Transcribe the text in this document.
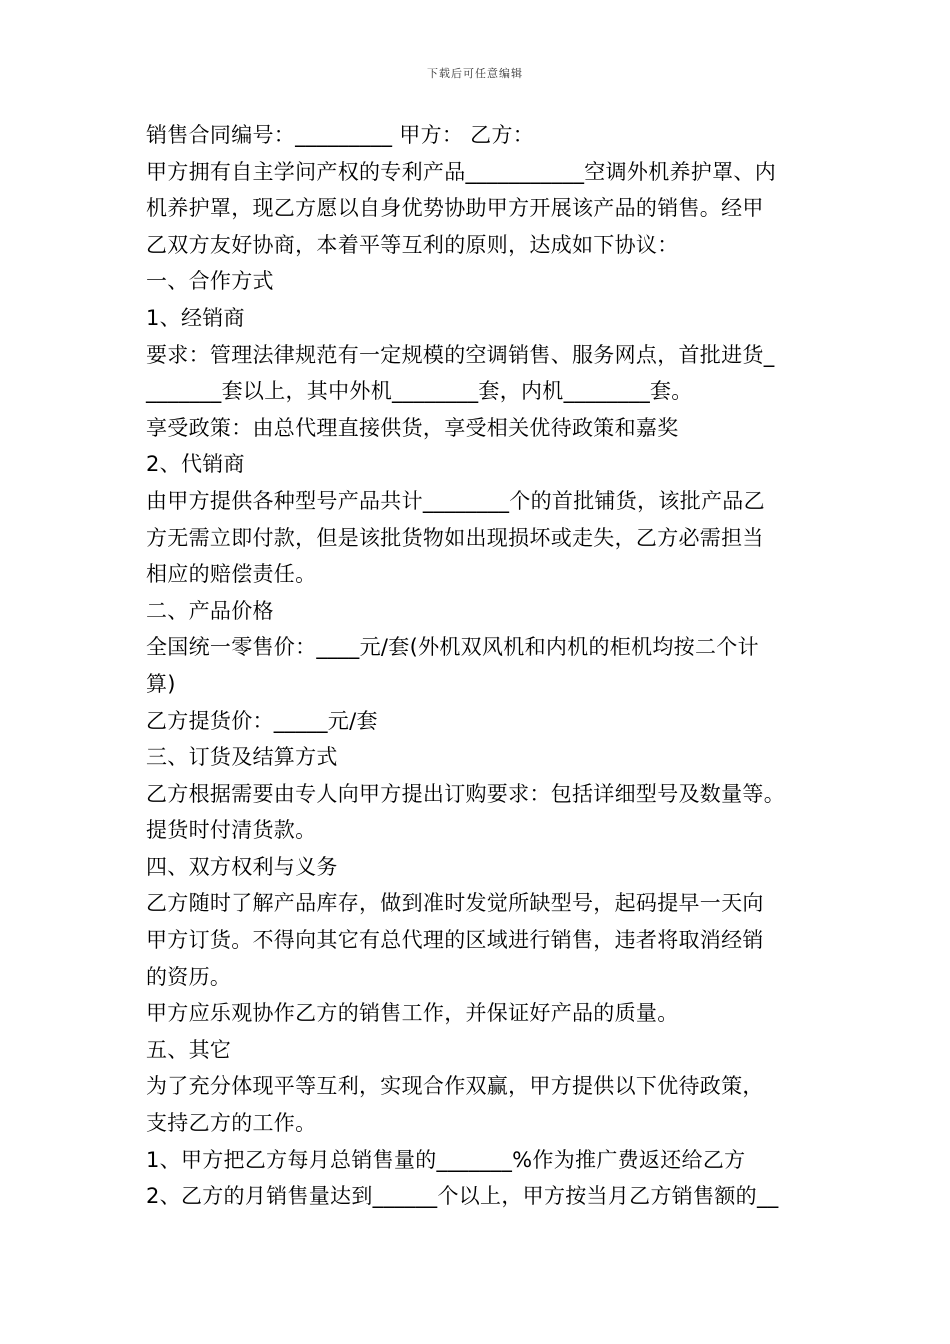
下载后可任意编辑
销售合同编号：_________ 甲方： 乙方：
甲方拥有自主学问产权的专利产品___________空调外机养护罩、内
机养护罩，现乙方愿以自身优势协助甲方开展该产品的销售。经甲
乙双方友好协商，本着平等互利的原则，达成如下协议：
一、合作方式
1、经销商
要求：管理法律规范有一定规模的空调销售、服务网点，首批进货_
_______套以上，其中外机________套，内机________套。
享受政策：由总代理直接供货，享受相关优待政策和嘉奖
2、代销商
由甲方提供各种型号产品共计________个的首批铺货，该批产品乙
方无需立即付款，但是该批货物如出现损坏或走失，乙方必需担当
相应的赔偿责任。
二、产品价格
全国统一零售价：____元/套(外机双风机和内机的柜机均按二个计
算)
乙方提货价：_____元/套
三、订货及结算方式
乙方根据需要由专人向甲方提出订购要求：包括详细型号及数量等。
提货时付清货款。
四、双方权利与义务
乙方随时了解产品库存，做到准时发觉所缺型号，起码提早一天向
甲方订货。不得向其它有总代理的区域进行销售，违者将取消经销
的资历。
甲方应乐观协作乙方的销售工作，并保证好产品的质量。
五、其它
为了充分体现平等互利，实现合作双赢，甲方提供以下优待政策，
支持乙方的工作。
1、甲方把乙方每月总销售量的_______%作为推广费返还给乙方
2、乙方的月销售量达到______个以上，甲方按当月乙方销售额的__
